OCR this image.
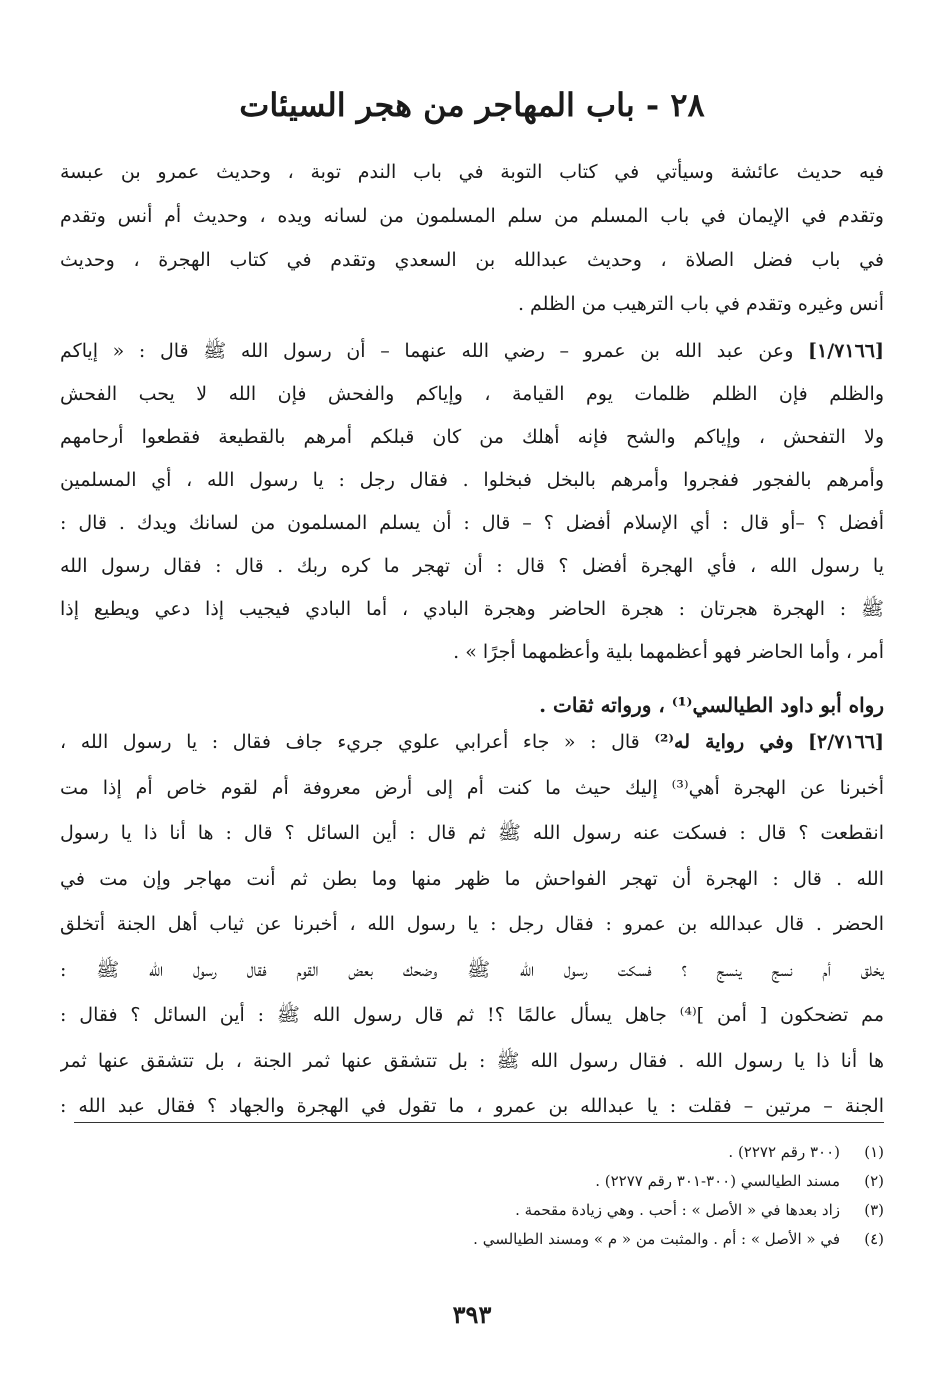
٢٨ - باب المهاجر من هجر السيئات
فيه حديث عائشة وسيأتي في كتاب التوبة في باب الندم توبة ، وحديث عمرو بن عبسة
وتقدم في الإيمان في باب المسلم من سلم المسلمون من لسانه ويده ، وحديث أم أنس وتقدم
في باب فضل الصلاة ، وحديث عبدالله بن السعدي وتقدم في كتاب الهجرة ، وحديث
أنس وغيره وتقدم في باب الترهيب من الظلم .
[١/٧١٦٦] وعن عبد الله بن عمرو – رضي الله عنهما – أن رسول الله ﷺ قال : « إياكم
والظلم فإن الظلم ظلمات يوم القيامة ، وإياكم والفحش فإن الله لا يحب الفحش
ولا التفحش ، وإياكم والشح فإنه أهلك من كان قبلكم أمرهم بالقطيعة فقطعوا أرحامهم
وأمرهم بالفجور ففجروا وأمرهم بالبخل فبخلوا . فقال رجل : يا رسول الله ، أي المسلمين
أفضل ؟ –أو قال : أي الإسلام أفضل ؟ – قال : أن يسلم المسلمون من لسانك ويدك . قال :
يا رسول الله ، فأي الهجرة أفضل ؟ قال : أن تهجر ما كره ربك . قال : فقال رسول الله
ﷺ : الهجرة هجرتان : هجرة الحاضر وهجرة البادي ، أما البادي فيجيب إذا دعي ويطيع إذا
أمر ، وأما الحاضر فهو أعظمهما بلية وأعظمهما أجرًا » .
رواه أبو داود الطيالسي⁽¹⁾ ، ورواته ثقات .
[٢/٧١٦٦] وفي رواية له⁽²⁾ قال : « جاء أعرابي علوي جريء جاف فقال : يا رسول الله ،
أخبرنا عن الهجرة أهي⁽³⁾ إليك حيث ما كنت أم إلى أرض معروفة أم لقوم خاص أم إذا مت
انقطعت ؟ قال : فسكت عنه رسول الله ﷺ ثم قال : أين السائل ؟ قال : ها أنا ذا يا رسول
الله . قال : الهجرة أن تهجر الفواحش ما ظهر منها وما بطن ثم أنت مهاجر وإن مت في
الحضر . قال عبدالله بن عمرو : فقال رجل : يا رسول الله ، أخبرنا عن ثياب أهل الجنة أتخلق
يخلق أم نسج ينسج ؟ فسكت رسول الله ﷺ وضحك بعض القوم فقال رسول الله ﷺ :
مم تضحكون [ أمن ]⁽⁴⁾ جاهل يسأل عالمًا ؟! ثم قال رسول الله ﷺ : أين السائل ؟ فقال :
ها أنا ذا يا رسول الله . فقال رسول الله ﷺ : بل تتشقق عنها ثمر الجنة ، بل تتشقق عنها ثمر
الجنة – مرتين – فقلت : يا عبدالله بن عمرو ، ما تقول في الهجرة والجهاد ؟ فقال عبد الله :
(١)(٣٠٠ رقم ٢٢٧٢) .
(٢)مسند الطيالسي (٣٠٠-٣٠١ رقم ٢٢٧٧) .
(٣)زاد بعدها في « الأصل » : أحب . وهي زيادة مقحمة .
(٤)في « الأصل » : أم . والمثبت من « م » ومسند الطيالسي .
٣٩٣
